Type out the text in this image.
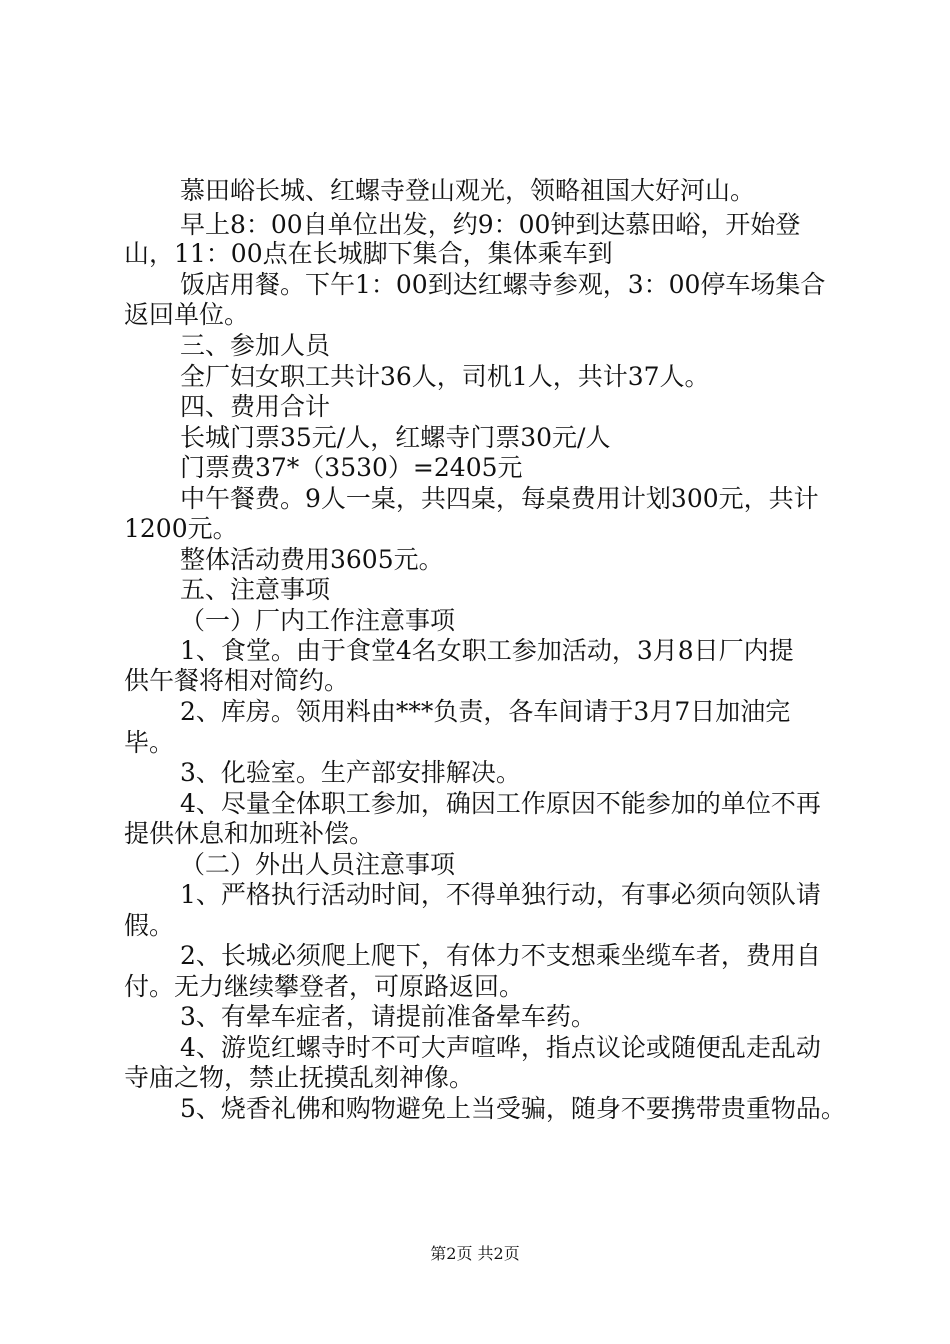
慕田峪长城、红螺寺登山观光，领略祖国大好河山。
早上8：00自单位出发，约9：00钟到达慕田峪，开始登
山，11：00点在长城脚下集合，集体乘车到
饭店用餐。下午1：00到达红螺寺参观，3：00停车场集合
返回单位。
三、参加人员
全厂妇女职工共计36人，司机1人，共计37人。
四、费用合计
长城门票35元/人，红螺寺门票30元/人
门票费37*（3530）=2405元
中午餐费。9人一桌，共四桌，每桌费用计划300元，共计
1200元。
整体活动费用3605元。
五、注意事项
（一）厂内工作注意事项
1、食堂。由于食堂4名女职工参加活动，3月8日厂内提
供午餐将相对简约。
2、库房。领用料由***负责，各车间请于3月7日加油完
毕。
3、化验室。生产部安排解决。
4、尽量全体职工参加，确因工作原因不能参加的单位不再
提供休息和加班补偿。
（二）外出人员注意事项
1、严格执行活动时间，不得单独行动，有事必须向领队请
假。
2、长城必须爬上爬下，有体力不支想乘坐缆车者，费用自
付。无力继续攀登者，可原路返回。
3、有晕车症者，请提前准备晕车药。
4、游览红螺寺时不可大声喧哗，指点议论或随便乱走乱动
寺庙之物，禁止抚摸乱刻神像。
5、烧香礼佛和购物避免上当受骗，随身不要携带贵重物品。
第2页 共2页
